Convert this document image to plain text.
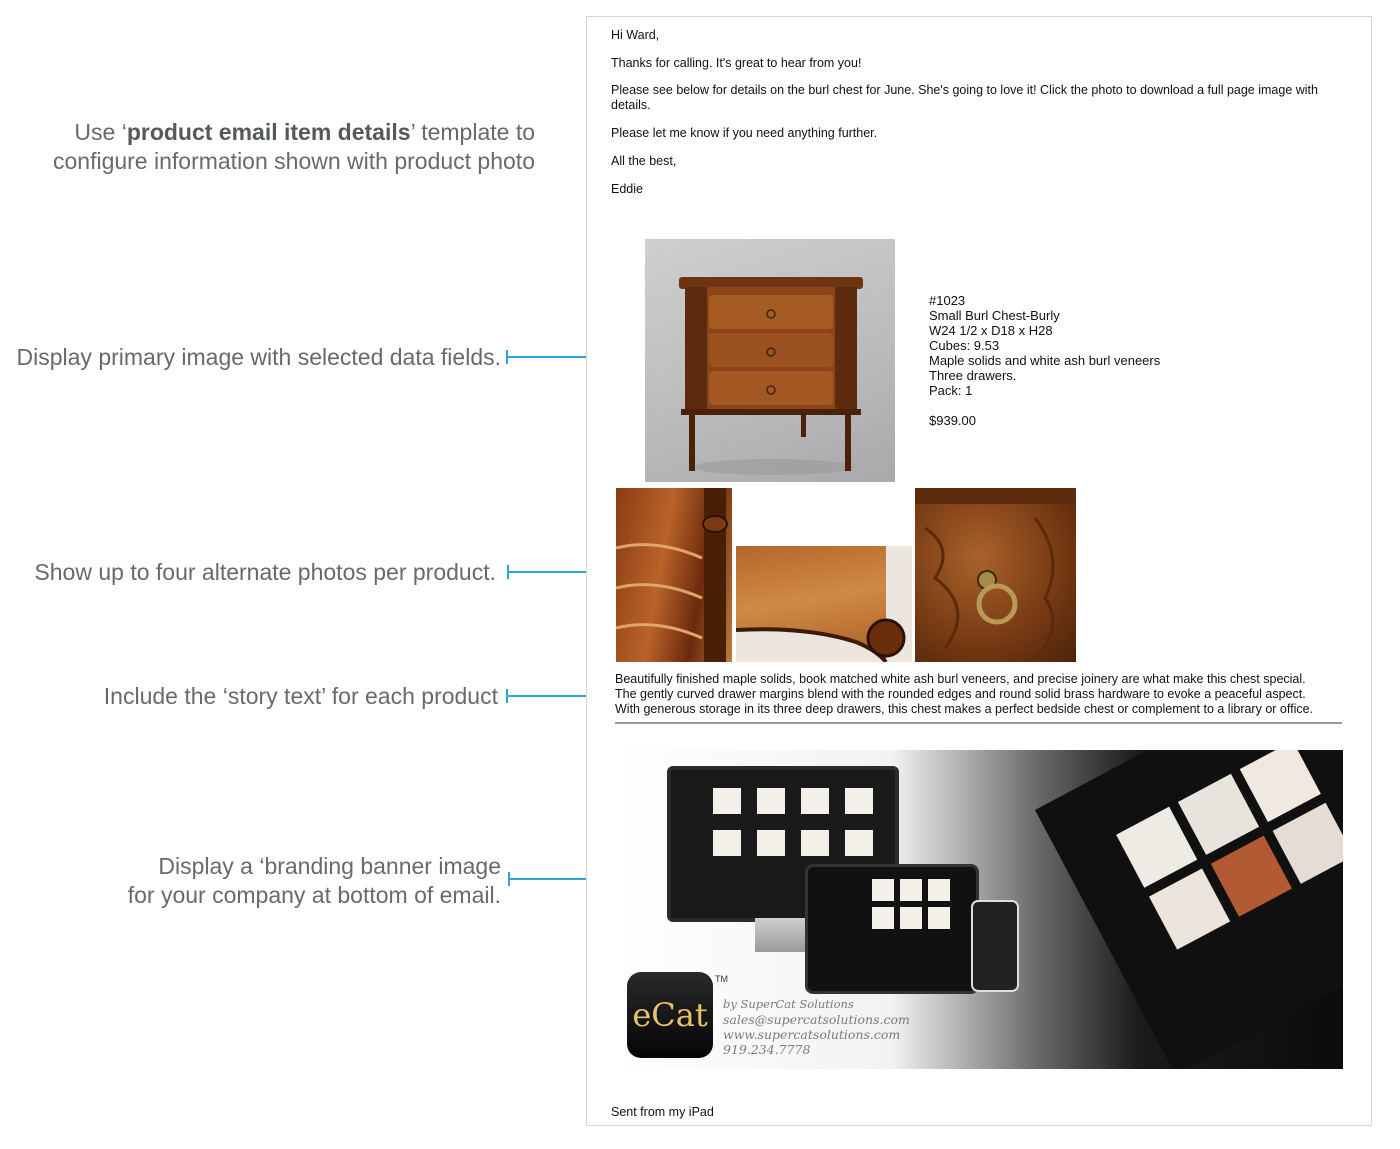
Use ‘product email item details’ template to
configure information shown with product photo
Display primary image with selected data fields.
Show up to four alternate photos per product.
Include the ‘story text’ for each product
Display a ‘branding banner image
for your company at bottom of email.

Hi Ward,

Thanks for calling. It's great to hear from you!

Please see below for details on the burl chest for June. She's going to love it! Click the photo to download a full page image with details.

Please let me know if you need anything further.

All the best,

Eddie

#1023
Small Burl Chest-Burly
W24 1/2 x D18 x H28
Cubes: 9.53
Maple solids and white ash burl veneers
Three drawers.
Pack: 1
$939.00
Beautifully finished maple solids, book matched white ash burl veneers, and precise joinery are what make this chest special.
The gently curved drawer margins blend with the rounded edges and round solid brass hardware to evoke a peaceful aspect.
With generous storage in its three deep drawers, this chest makes a perfect bedside chest or complement to a library or office.
eCat
TM
by SuperCat Solutions
sales@supercatsolutions.com
www.supercatsolutions.com
919.234.7778

Sent from my iPad
